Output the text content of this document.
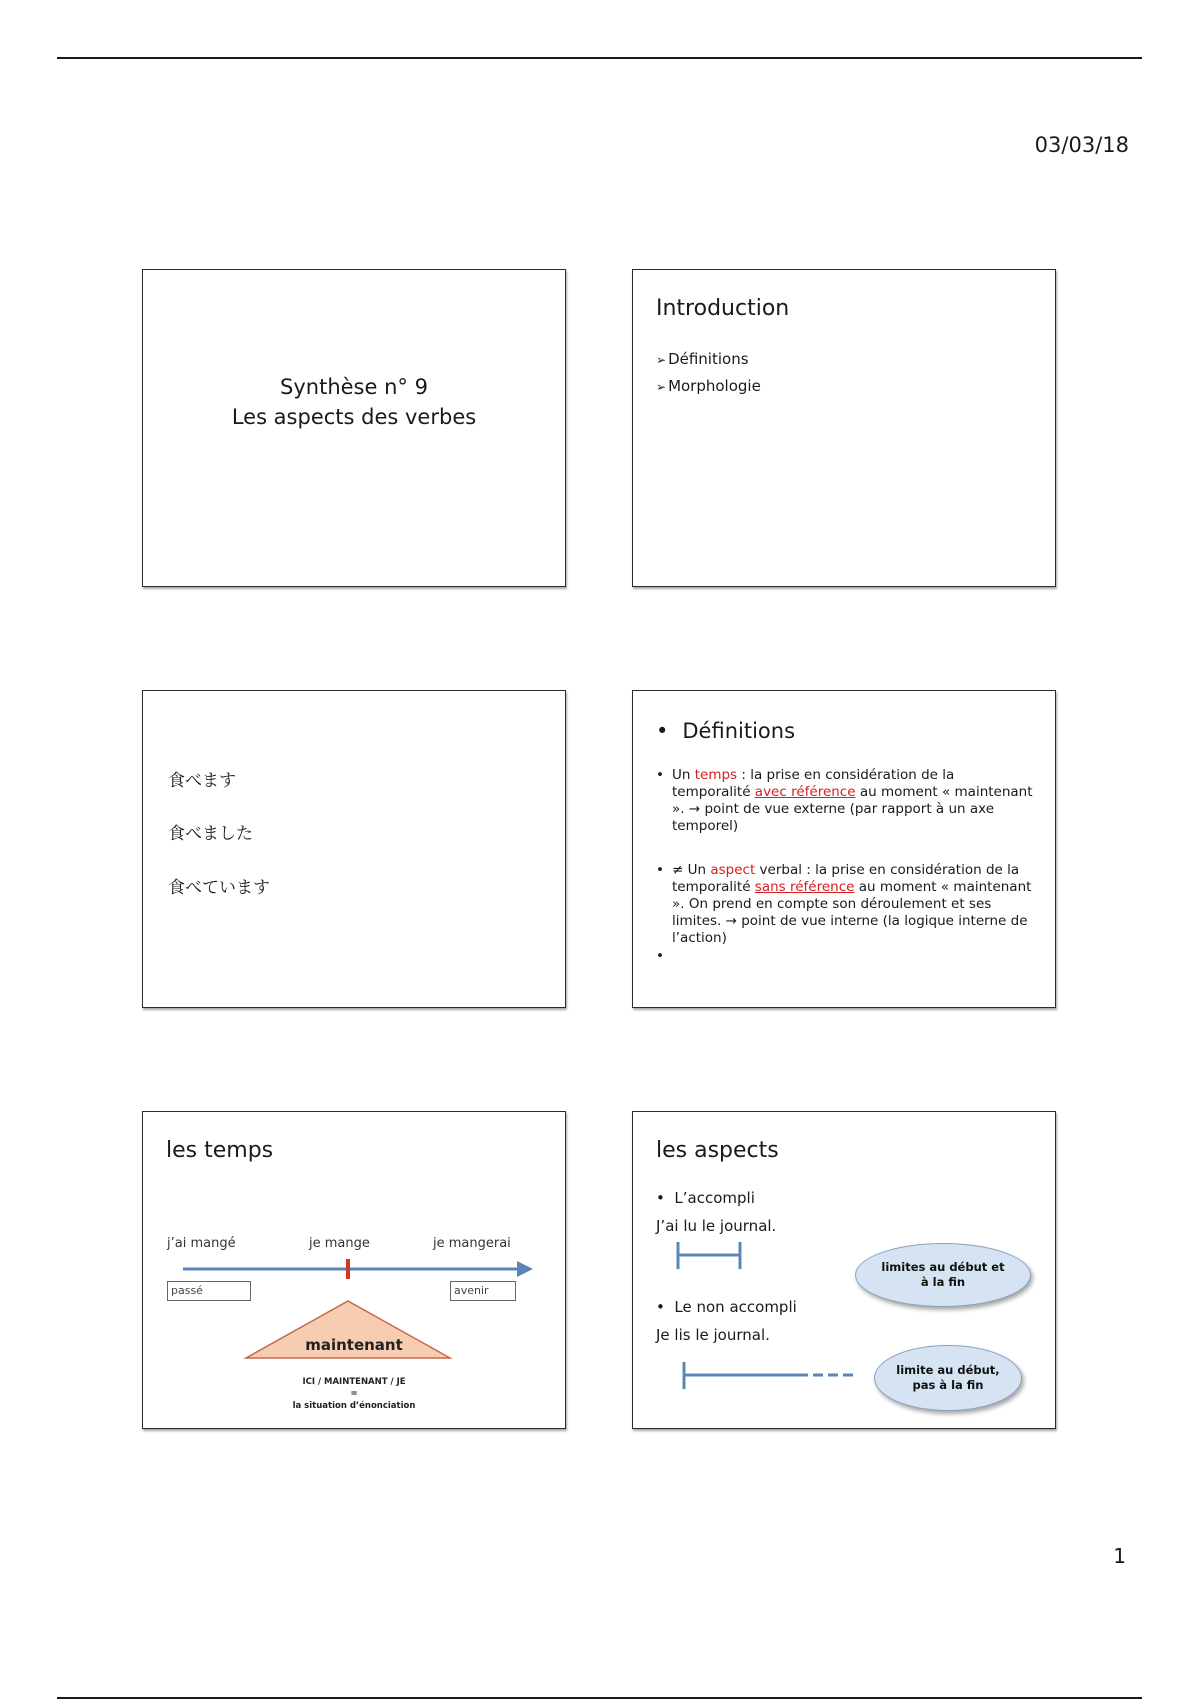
03/03/18
Synthèse n° 9
Les aspects des verbes
Introduction
➢ Définitions
➢ Morphologie
食べます
食べました
食べています
• Définitions
• Un temps : la prise en considération de la temporalité avec référence au moment « maintenant ». → point de vue externe (par rapport à un axe temporel)
• ≠ Un aspect verbal : la prise en considération de la temporalité sans référence au moment « maintenant ». On prend en compte son déroulement et ses limites. → point de vue interne (la logique interne de l’action)
•
les temps
j’ai mangé	je mange	je mangerai
passé	avenir
maintenant
ICI / MAINTENANT / JE
=
la situation d’énonciation
les aspects
• L’accompli
J’ai lu le journal.
limites au début et
à la fin
• Le non accompli
Je lis le journal.
limite au début,
pas à la fin
1
